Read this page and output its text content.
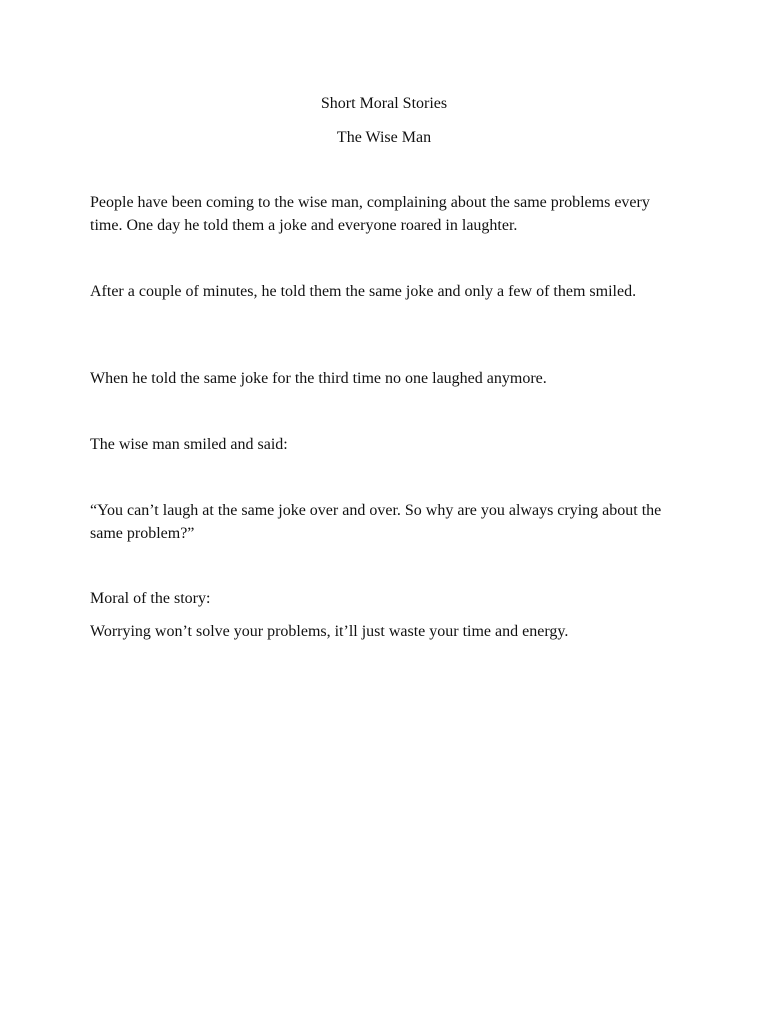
Short Moral Stories
The Wise Man

People have been coming to the wise man, complaining about the same problems every time. One day he told them a joke and everyone roared in laughter.

After a couple of minutes, he told them the same joke and only a few of them smiled.

When he told the same joke for the third time no one laughed anymore.

The wise man smiled and said:

“You can’t laugh at the same joke over and over. So why are you always crying about the same problem?”

Moral of the story:

Worrying won’t solve your problems, it’ll just waste your time and energy.
